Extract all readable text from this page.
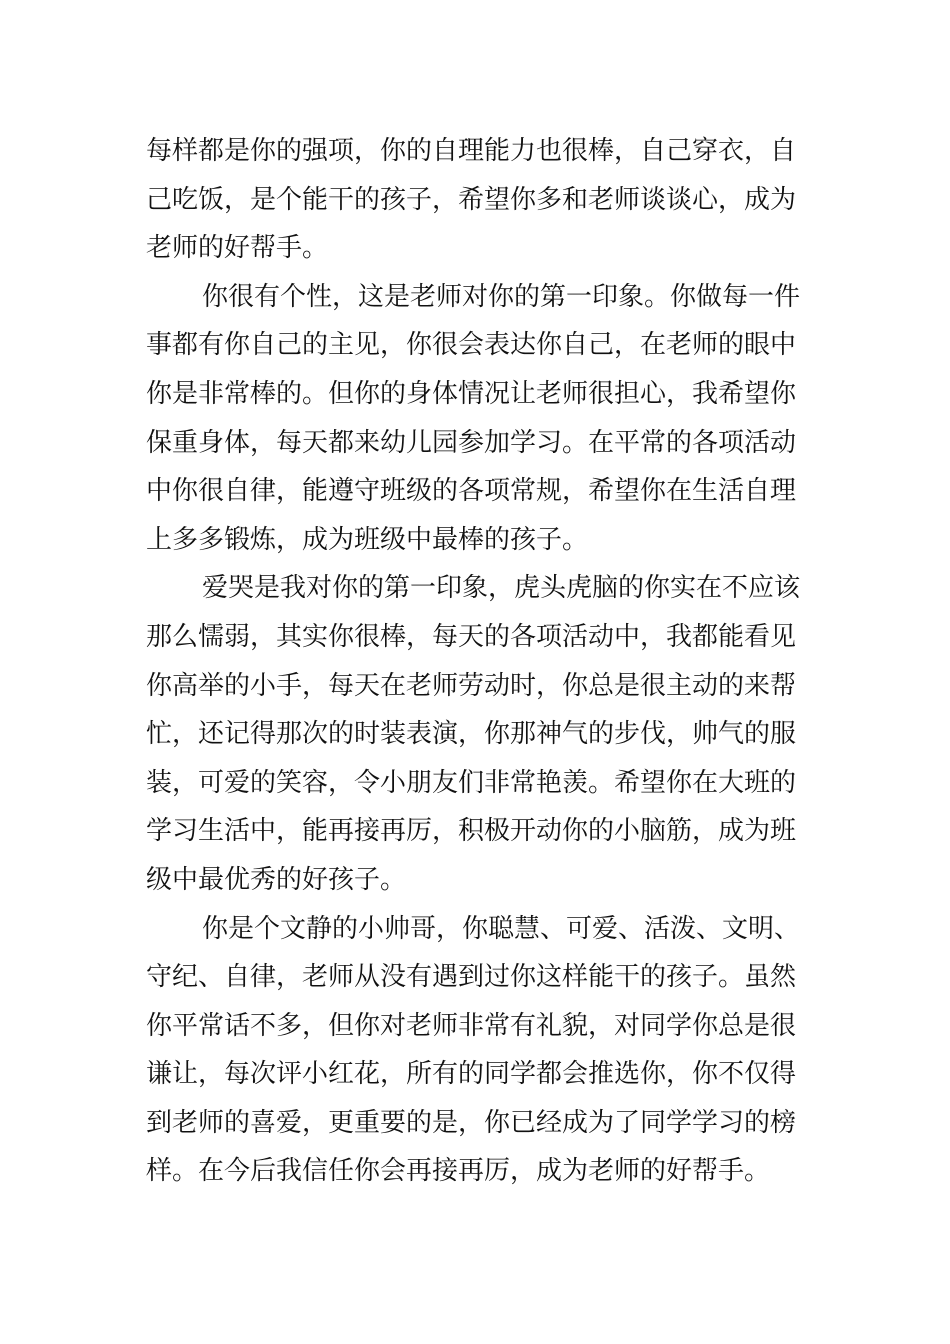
每样都是你的强项，你的自理能力也很棒，自己穿衣，自
己吃饭，是个能干的孩子，希望你多和老师谈谈心，成为
老师的好帮手。
你很有个性，这是老师对你的第一印象。你做每一件
事都有你自己的主见，你很会表达你自己，在老师的眼中
你是非常棒的。但你的身体情况让老师很担心，我希望你
保重身体，每天都来幼儿园参加学习。在平常的各项活动
中你很自律，能遵守班级的各项常规，希望你在生活自理
上多多锻炼，成为班级中最棒的孩子。
爱哭是我对你的第一印象，虎头虎脑的你实在不应该
那么懦弱，其实你很棒，每天的各项活动中，我都能看见
你高举的小手，每天在老师劳动时，你总是很主动的来帮
忙，还记得那次的时装表演，你那神气的步伐，帅气的服
装，可爱的笑容，令小朋友们非常艳羡。希望你在大班的
学习生活中，能再接再厉，积极开动你的小脑筋，成为班
级中最优秀的好孩子。
你是个文静的小帅哥，你聪慧、可爱、活泼、文明、
守纪、自律，老师从没有遇到过你这样能干的孩子。虽然
你平常话不多，但你对老师非常有礼貌，对同学你总是很
谦让，每次评小红花，所有的同学都会推选你，你不仅得
到老师的喜爱，更重要的是，你已经成为了同学学习的榜
样。在今后我信任你会再接再厉，成为老师的好帮手。
